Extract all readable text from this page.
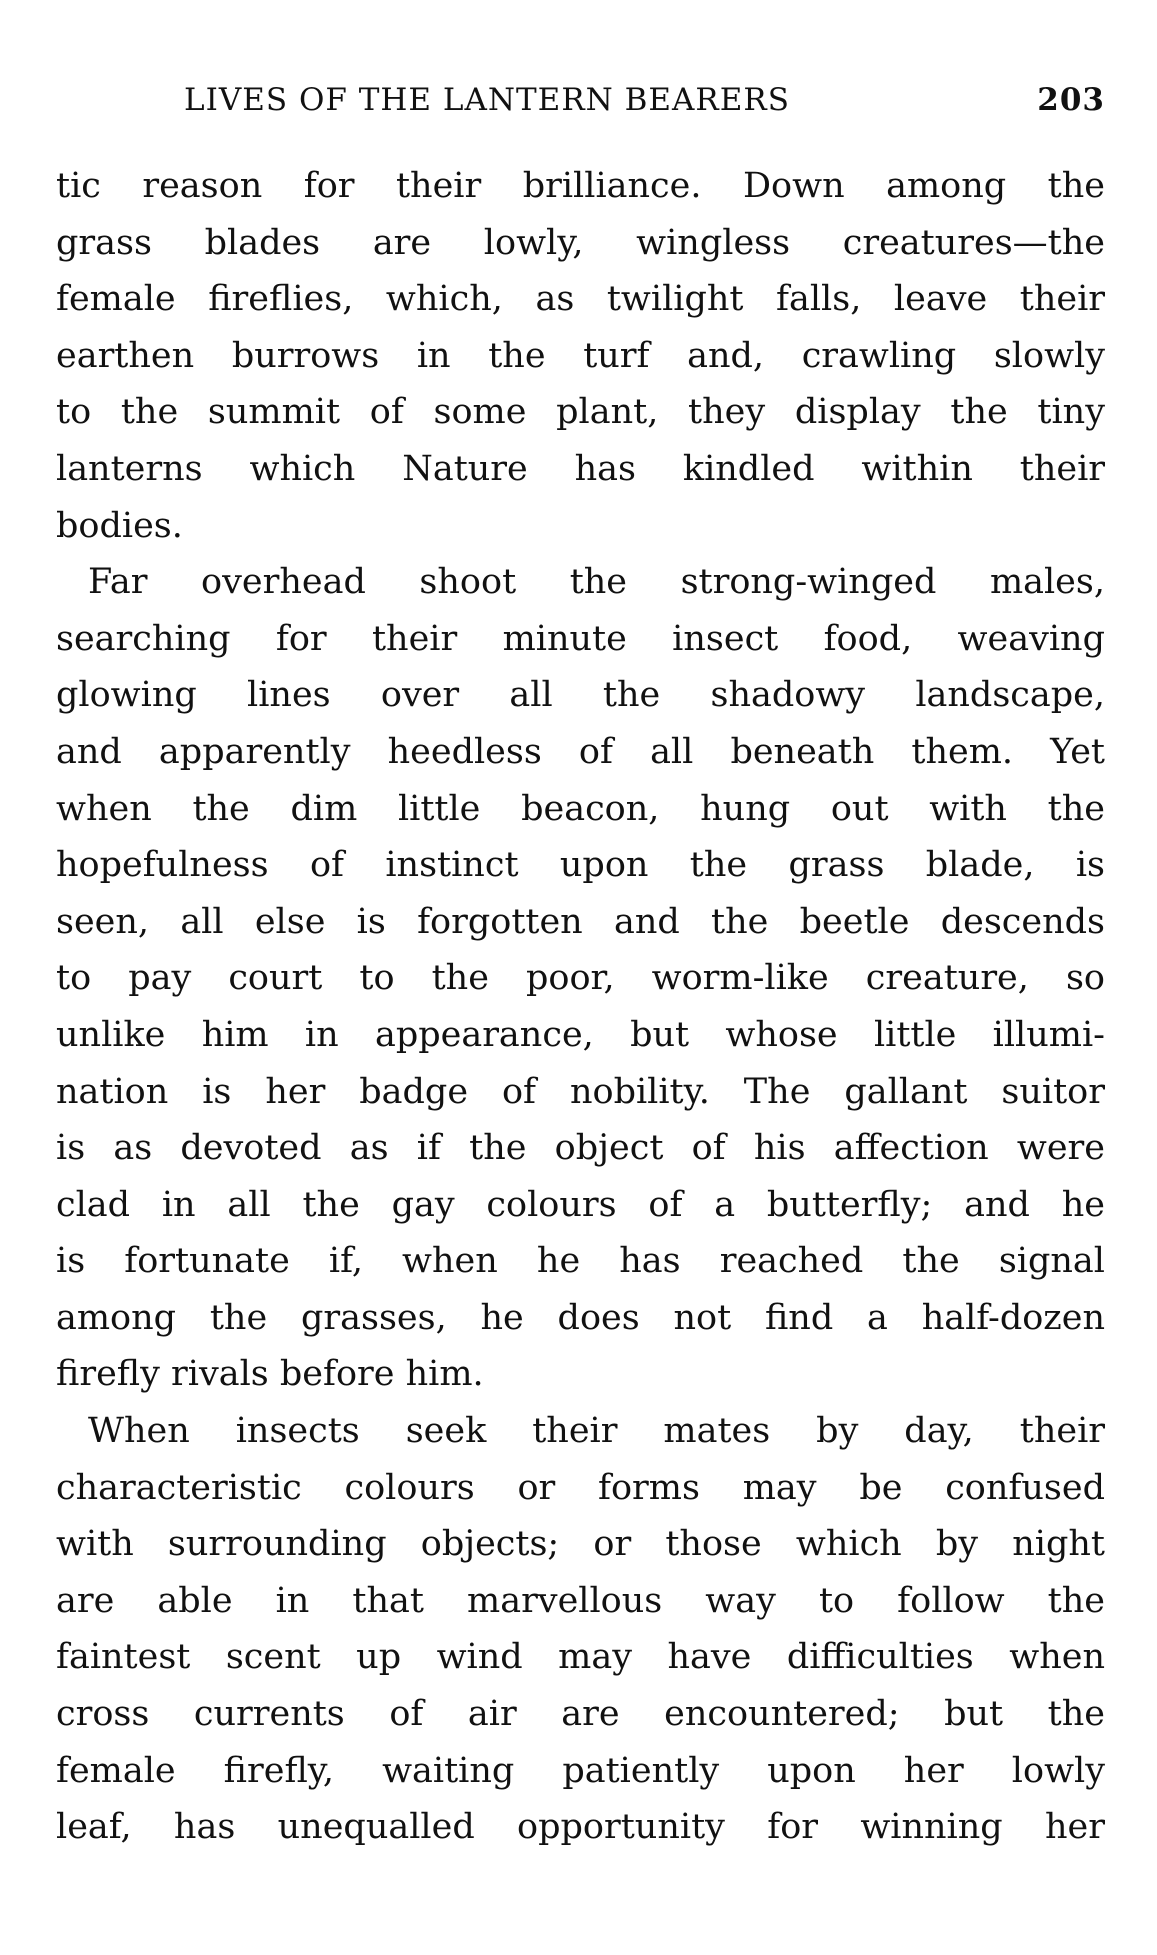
LIVES OF THE LANTERN BEARERS	203
tic reason for their brilliance. Down among the
grass blades are lowly, wingless creatures—the
female fireflies, which, as twilight falls, leave their
earthen burrows in the turf and, crawling slowly
to the summit of some plant, they display the tiny
lanterns which Nature has kindled within their
bodies.
Far overhead shoot the strong-winged males,
searching for their minute insect food, weaving
glowing lines over all the shadowy landscape,
and apparently heedless of all beneath them. Yet
when the dim little beacon, hung out with the
hopefulness of instinct upon the grass blade, is
seen, all else is forgotten and the beetle descends
to pay court to the poor, worm-like creature, so
unlike him in appearance, but whose little illumi-
nation is her badge of nobility. The gallant suitor
is as devoted as if the object of his affection were
clad in all the gay colours of a butterfly; and he
is fortunate if, when he has reached the signal
among the grasses, he does not find a half-dozen
firefly rivals before him.
When insects seek their mates by day, their
characteristic colours or forms may be confused
with surrounding objects; or those which by night
are able in that marvellous way to follow the
faintest scent up wind may have difficulties when
cross currents of air are encountered; but the
female firefly, waiting patiently upon her lowly
leaf, has unequalled opportunity for winning her
